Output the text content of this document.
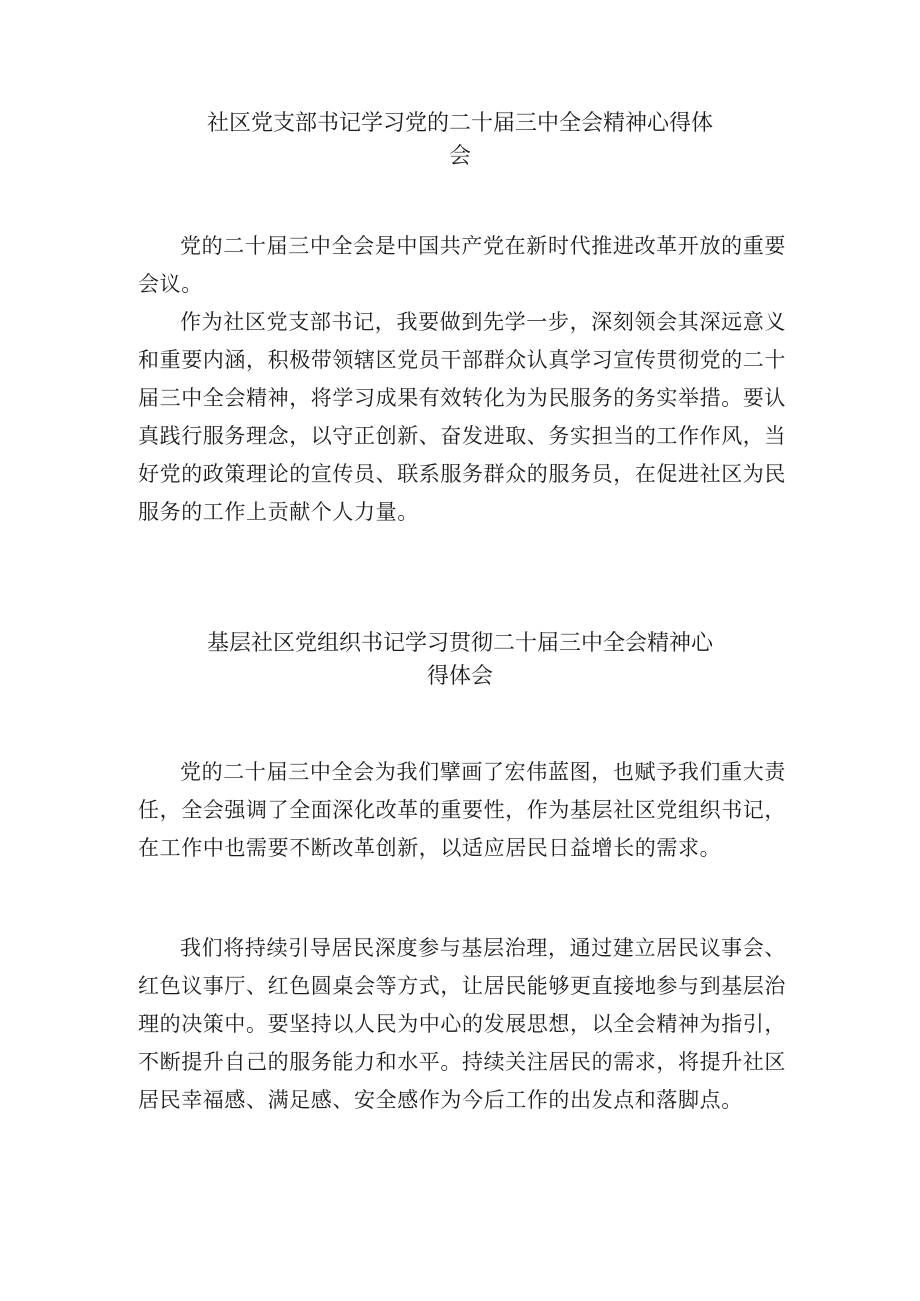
社区党支部书记学习党的二十届三中全会精神心得体
会

党的二十届三中全会是中国共产党在新时代推进改革开放的重要会议。

作为社区党支部书记，我要做到先学一步，深刻领会其深远意义和重要内涵，积极带领辖区党员干部群众认真学习宣传贯彻党的二十届三中全会精神，将学习成果有效转化为为民服务的务实举措。要认真践行服务理念，以守正创新、奋发进取、务实担当的工作作风，当好党的政策理论的宣传员、联系服务群众的服务员，在促进社区为民服务的工作上贡献个人力量。

基层社区党组织书记学习贯彻二十届三中全会精神心
得体会

党的二十届三中全会为我们擘画了宏伟蓝图，也赋予我们重大责任，全会强调了全面深化改革的重要性，作为基层社区党组织书记，在工作中也需要不断改革创新，以适应居民日益增长的需求。

我们将持续引导居民深度参与基层治理，通过建立居民议事会、红色议事厅、红色圆桌会等方式，让居民能够更直接地参与到基层治理的决策中。要坚持以人民为中心的发展思想，以全会精神为指引，不断提升自己的服务能力和水平。持续关注居民的需求，将提升社区居民幸福感、满足感、安全感作为今后工作的出发点和落脚点。
